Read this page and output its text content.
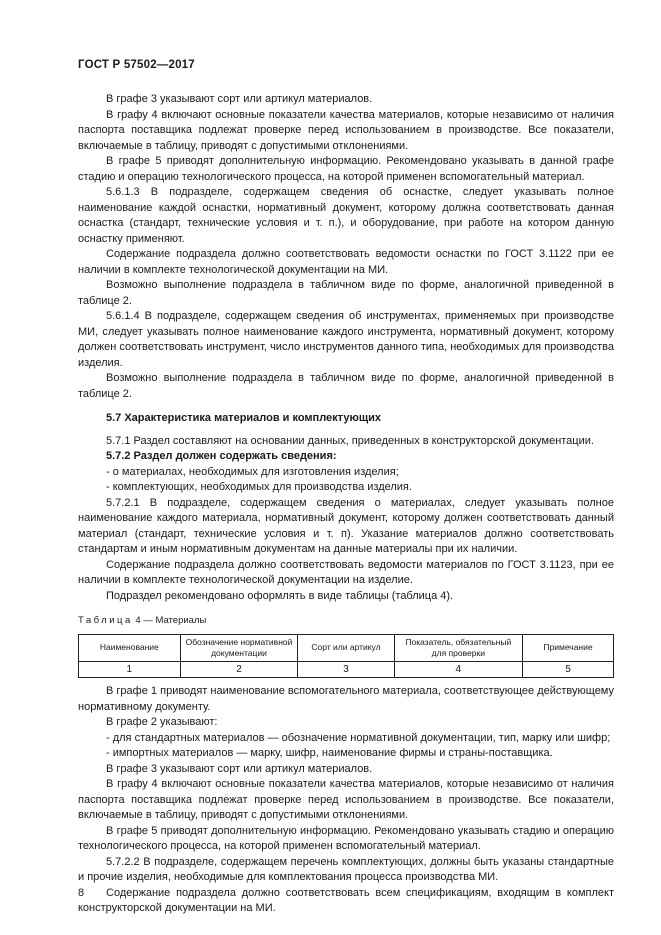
ГОСТ Р 57502—2017

В графе 3 указывают сорт или артикул материалов.

В графу 4 включают основные показатели качества материалов, которые независимо от наличия паспорта поставщика подлежат проверке перед использованием в производстве. Все показатели, включаемые в таблицу, приводят с допустимыми отклонениями.

В графе 5 приводят дополнительную информацию. Рекомендовано указывать в данной графе стадию и операцию технологического процесса, на которой применен вспомогательный материал.

5.6.1.3 В подразделе, содержащем сведения об оснастке, следует указывать полное наименование каждой оснастки, нормативный документ, которому должна соответствовать данная оснастка (стандарт, технические условия и т. п.), и оборудование, при работе на котором данную оснастку применяют.

Содержание подраздела должно соответствовать ведомости оснастки по ГОСТ 3.1122 при ее наличии в комплекте технологической документации на МИ.

Возможно выполнение подраздела в табличном виде по форме, аналогичной приведенной в таблице 2.

5.6.1.4 В подразделе, содержащем сведения об инструментах, применяемых при производстве МИ, следует указывать полное наименование каждого инструмента, нормативный документ, которому должен соответствовать инструмент, число инструментов данного типа, необходимых для производства изделия.

Возможно выполнение подраздела в табличном виде по форме, аналогичной приведенной в таблице 2.

5.7 Характеристика материалов и комплектующих

5.7.1 Раздел составляют на основании данных, приведенных в конструкторской документации.

5.7.2 Раздел должен содержать сведения:

- о материалах, необходимых для изготовления изделия;

- комплектующих, необходимых для производства изделия.

5.7.2.1 В подразделе, содержащем сведения о материалах, следует указывать полное наименование каждого материала, нормативный документ, которому должен соответствовать данный материал (стандарт, технические условия и т. п). Указание материалов должно соответствовать стандартам и иным нормативным документам на данные материалы при их наличии.

Содержание подраздела должно соответствовать ведомости материалов по ГОСТ 3.1123, при ее наличии в комплекте технологической документации на изделие.

Подраздел рекомендовано оформлять в виде таблицы (таблица 4).

Таблица 4 — Материалы

Наименование	Обозначение нормативной документации	Сорт или артикул	Показатель, обязательный для проверки	Примечание
1	2	3	4	5

В графе 1 приводят наименование вспомогательного материала, соответствующее действующему нормативному документу.

В графе 2 указывают:

- для стандартных материалов — обозначение нормативной документации, тип, марку или шифр;

- импортных материалов — марку, шифр, наименование фирмы и страны-поставщика.

В графе 3 указывают сорт или артикул материалов.

В графу 4 включают основные показатели качества материалов, которые независимо от наличия паспорта поставщика подлежат проверке перед использованием в производстве. Все показатели, включаемые в таблицу, приводят с допустимыми отклонениями.

В графе 5 приводят дополнительную информацию. Рекомендовано указывать стадию и операцию технологического процесса, на которой применен вспомогательный материал.

5.7.2.2 В подразделе, содержащем перечень комплектующих, должны быть указаны стандартные и прочие изделия, необходимые для комплектования процесса производства МИ.

Содержание подраздела должно соответствовать всем спецификациям, входящим в комплект конструкторской документации на МИ.

8
